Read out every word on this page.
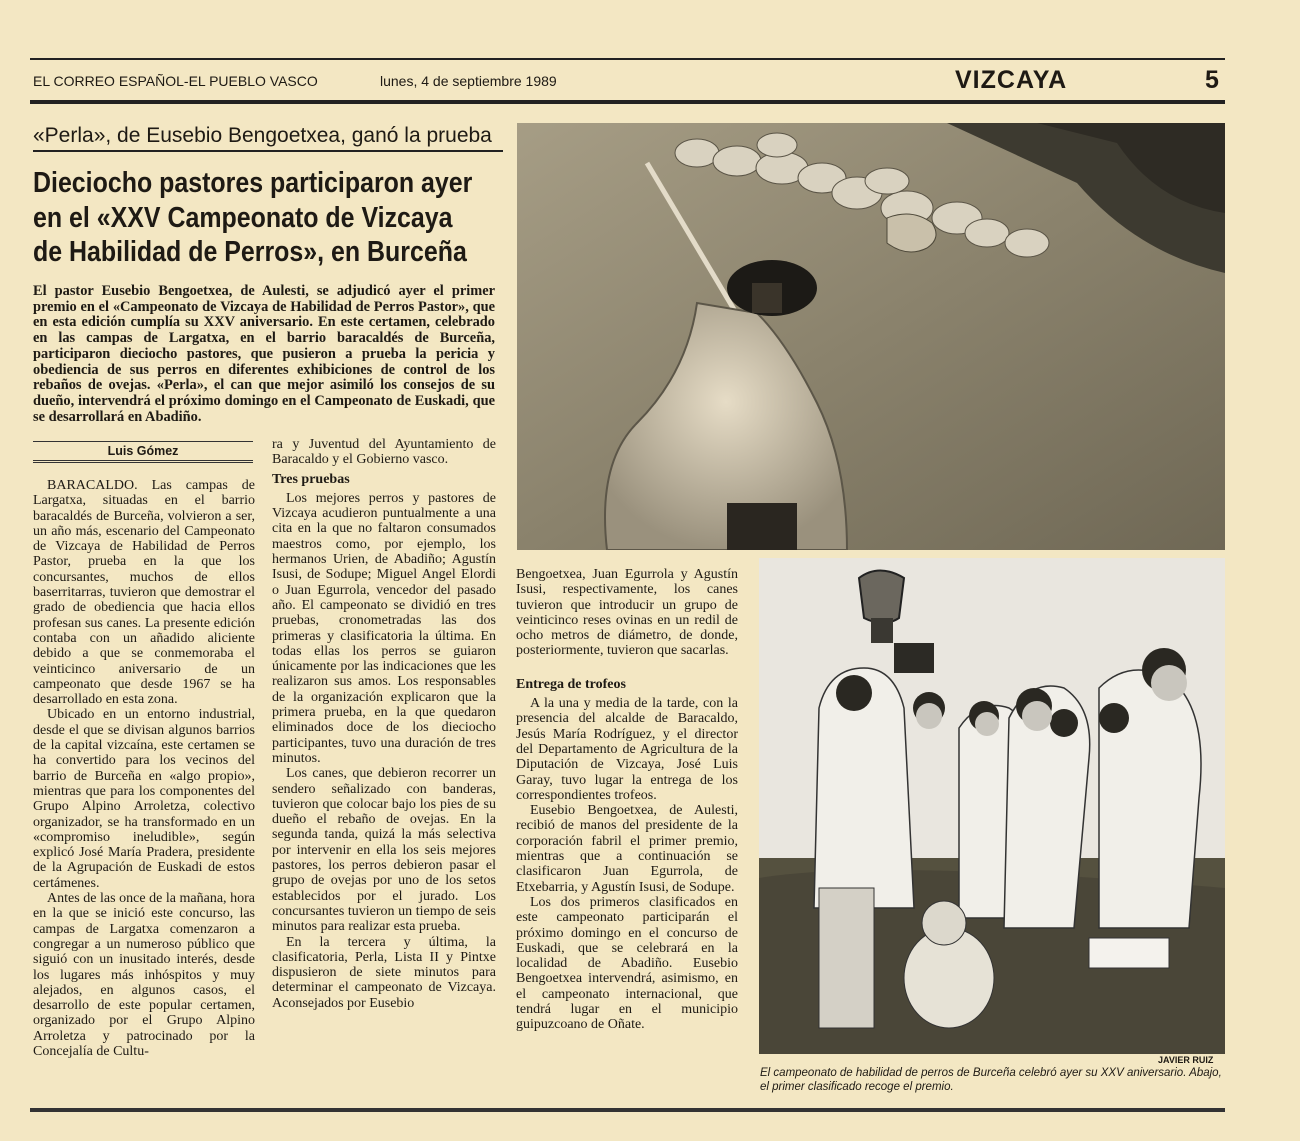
EL CORREO ESPAÑOL-EL PUEBLO VASCO	lunes, 4 de septiembre 1989	VIZCAYA	5
«Perla», de Eusebio Bengoetxea, ganó la prueba
Dieciocho pastores participaron ayer
en el «XXV Campeonato de Vizcaya
de Habilidad de Perros», en Burceña
El pastor Eusebio Bengoetxea, de Aulesti, se adjudicó ayer el primer premio en el «Campeonato de Vizcaya de Habilidad de Perros Pastor», que en esta edición cumplía su XXV aniversario. En este certamen, celebrado en las campas de Largatxa, en el barrio baracaldés de Burceña, participaron dieciocho pastores, que pusieron a prueba la pericia y obediencia de sus perros en diferentes exhibiciones de control de los rebaños de ovejas. «Perla», el can que mejor asimiló los consejos de su dueño, intervendrá el próximo domingo en el Campeonato de Euskadi, que se desarrollará en Abadiño.
Luis Gómez

BARACALDO. Las campas de Largatxa, situadas en el barrio baracaldés de Burceña, volvieron a ser, un año más, escenario del Campeonato de Vizcaya de Habilidad de Perros Pastor, prueba en la que los concursantes, muchos de ellos baserritarras, tuvieron que demostrar el grado de obediencia que hacia ellos profesan sus canes. La presente edición contaba con un añadido aliciente debido a que se conmemoraba el veinticinco aniversario de un campeonato que desde 1967 se ha desarrollado en esta zona.

Ubicado en un entorno industrial, desde el que se divisan algunos barrios de la capital vizcaína, este certamen se ha convertido para los vecinos del barrio de Burceña en «algo propio», mientras que para los componentes del Grupo Alpino Arroletza, colectivo organizador, se ha transformado en un «compromiso ineludible», según explicó José María Pradera, presidente de la Agrupación de Euskadi de estos certámenes.

Antes de las once de la mañana, hora en la que se inició este concurso, las campas de Largatxa comenzaron a congregar a un numeroso público que siguió con un inusitado interés, desde los lugares más inhóspitos y muy alejados, en algunos casos, el desarrollo de este popular certamen, organizado por el Grupo Alpino Arroletza y patrocinado por la Concejalía de Cultu-

ra y Juventud del Ayuntamiento de Baracaldo y el Gobierno vasco.

Tres pruebas

Los mejores perros y pastores de Vizcaya acudieron puntualmente a una cita en la que no faltaron consumados maestros como, por ejemplo, los hermanos Urien, de Abadiño; Agustín Isusi, de Sodupe; Miguel Angel Elordi o Juan Egurrola, vencedor del pasado año. El campeonato se dividió en tres pruebas, cronometradas las dos primeras y clasificatoria la última. En todas ellas los perros se guiaron únicamente por las indicaciones que les realizaron sus amos. Los responsables de la organización explicaron que la primera prueba, en la que quedaron eliminados doce de los dieciocho participantes, tuvo una duración de tres minutos.

Los canes, que debieron recorrer un sendero señalizado con banderas, tuvieron que colocar bajo los pies de su dueño el rebaño de ovejas. En la segunda tanda, quizá la más selectiva por intervenir en ella los seis mejores pastores, los perros debieron pasar el grupo de ovejas por uno de los setos establecidos por el jurado. Los concursantes tuvieron un tiempo de seis minutos para realizar esta prueba.

En la tercera y última, la clasificatoria, Perla, Lista II y Pintxe dispusieron de siete minutos para determinar el campeonato de Vizcaya. Aconsejados por Eusebio

Bengoetxea, Juan Egurrola y Agustín Isusi, respectivamente, los canes tuvieron que introducir un grupo de veinticinco reses ovinas en un redil de ocho metros de diámetro, de donde, posteriormente, tuvieron que sacarlas.

Entrega de trofeos

A la una y media de la tarde, con la presencia del alcalde de Baracaldo, Jesús María Rodríguez, y el director del Departamento de Agricultura de la Diputación de Vizcaya, José Luis Garay, tuvo lugar la entrega de los correspondientes trofeos.

Eusebio Bengoetxea, de Aulesti, recibió de manos del presidente de la corporación fabril el primer premio, mientras que a continuación se clasificaron Juan Egurrola, de Etxebarria, y Agustín Isusi, de Sodupe.

Los dos primeros clasificados en este campeonato participarán el próximo domingo en el concurso de Euskadi, que se celebrará en la localidad de Abadiño. Eusebio Bengoetxea intervendrá, asimismo, en el campeonato internacional, que tendrá lugar en el municipio guipuzcoano de Oñate.

JAVIER RUIZ
El campeonato de habilidad de perros de Burceña celebró ayer su XXV aniversario. Abajo, el primer clasificado recoge el premio.
